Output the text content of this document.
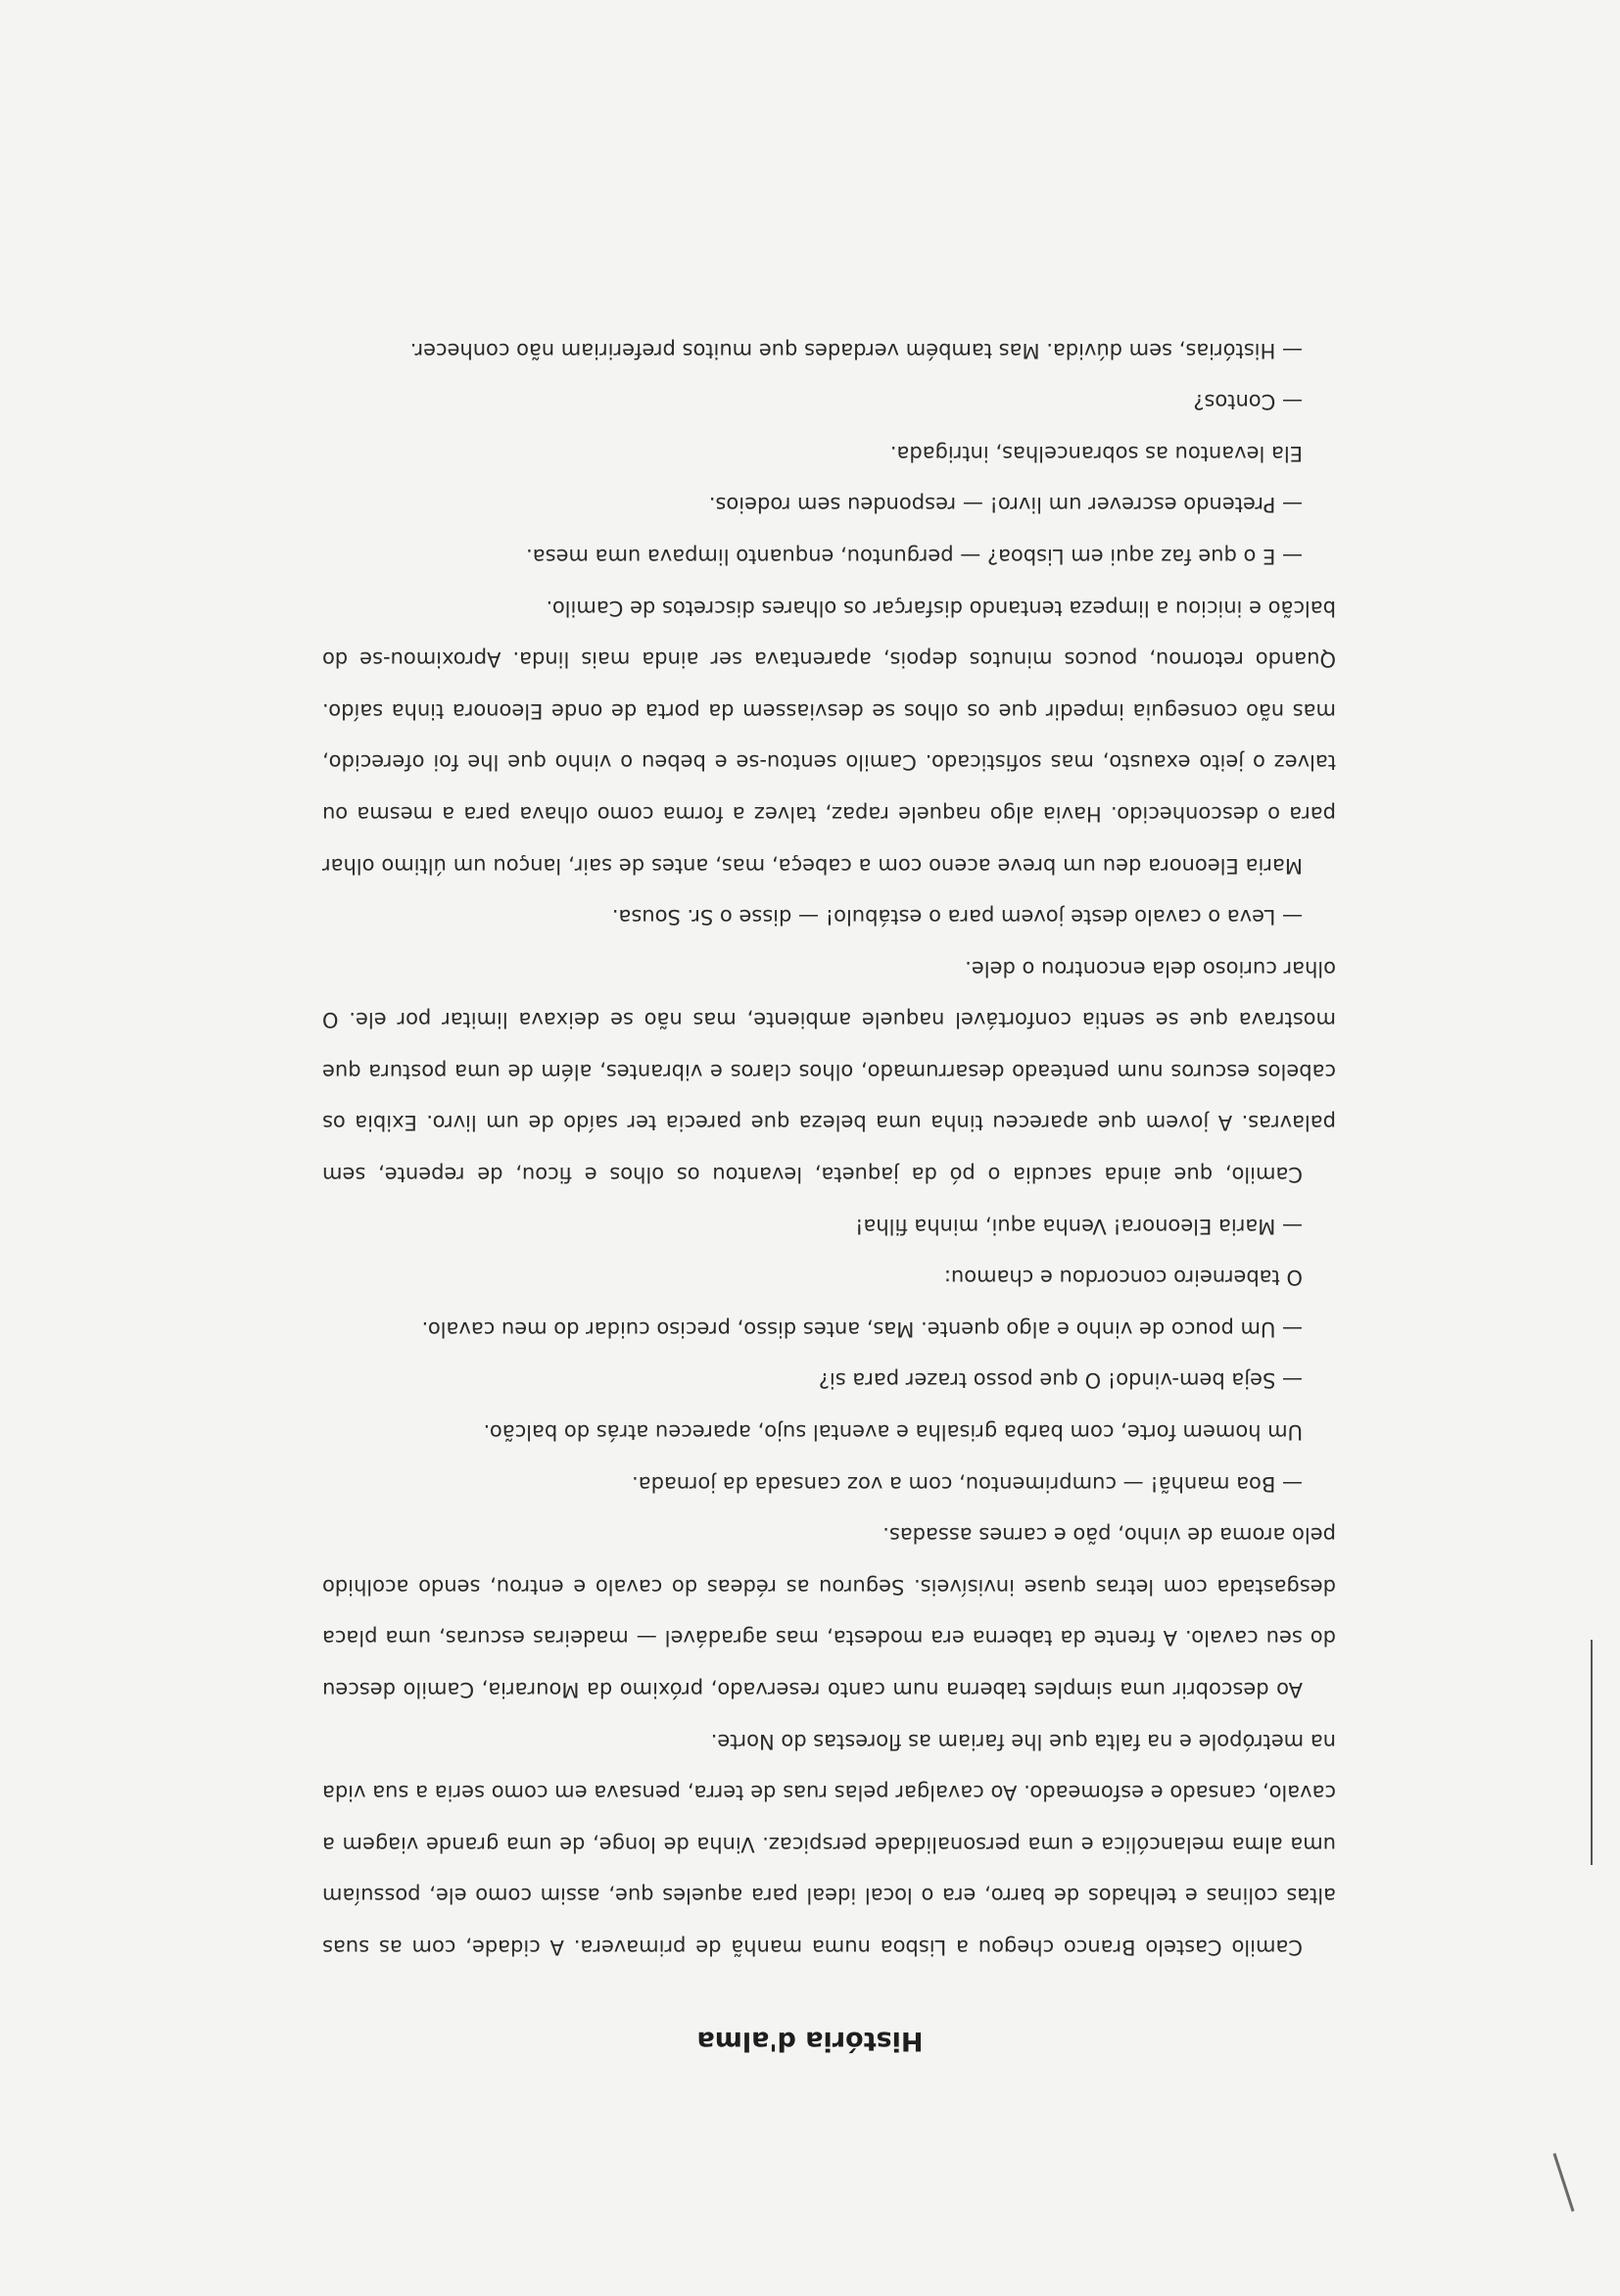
História d'alma

Camilo Castelo Branco chegou a Lisboa numa manhã de primavera. A cidade, com as suas altas colinas e telhados de barro, era o local ideal para aqueles que, assim como ele, possuíam uma alma melancólica e uma personalidade perspicaz. Vinha de longe, de uma grande viagem a cavalo, cansado e esfomeado. Ao cavalgar pelas ruas de terra, pensava em como seria a sua vida na metrópole e na falta que lhe fariam as florestas do Norte.

Ao descobrir uma simples taberna num canto reservado, próximo da Mouraria, Camilo desceu do seu cavalo. A frente da taberna era modesta, mas agradável — madeiras escuras, uma placa desgastada com letras quase invisíveis. Segurou as rédeas do cavalo e entrou, sendo acolhido pelo aroma de vinho, pão e carnes assadas.

— Boa manhã! — cumprimentou, com a voz cansada da jornada.

Um homem forte, com barba grisalha e avental sujo, apareceu atrás do balcão.

— Seja bem-vindo! O que posso trazer para si?

— Um pouco de vinho e algo quente. Mas, antes disso, preciso cuidar do meu cavalo.

O taberneiro concordou e chamou:

— Maria Eleonora! Venha aqui, minha filha!

Camilo, que ainda sacudia o pó da jaqueta, levantou os olhos e ficou, de repente, sem palavras. A jovem que apareceu tinha uma beleza que parecia ter saído de um livro. Exibia os cabelos escuros num penteado desarrumado, olhos claros e vibrantes, além de uma postura que mostrava que se sentia confortável naquele ambiente, mas não se deixava limitar por ele. O olhar curioso dela encontrou o dele.

— Leva o cavalo deste jovem para o estábulo! — disse o Sr. Sousa.

Maria Eleonora deu um breve aceno com a cabeça, mas, antes de sair, lançou um último olhar para o desconhecido. Havia algo naquele rapaz, talvez a forma como olhava para a mesma ou talvez o jeito exausto, mas sofisticado. Camilo sentou-se e bebeu o vinho que lhe foi oferecido, mas não conseguia impedir que os olhos se desviassem da porta de onde Eleonora tinha saído. Quando retornou, poucos minutos depois, aparentava ser ainda mais linda. Aproximou-se do balcão e iniciou a limpeza tentando disfarçar os olhares discretos de Camilo.

— E o que faz aqui em Lisboa? — perguntou, enquanto limpava uma mesa.

— Pretendo escrever um livro! — respondeu sem rodeios.

Ela levantou as sobrancelhas, intrigada.

— Contos?

— Histórias, sem dúvida. Mas também verdades que muitos prefeririam não conhecer.
